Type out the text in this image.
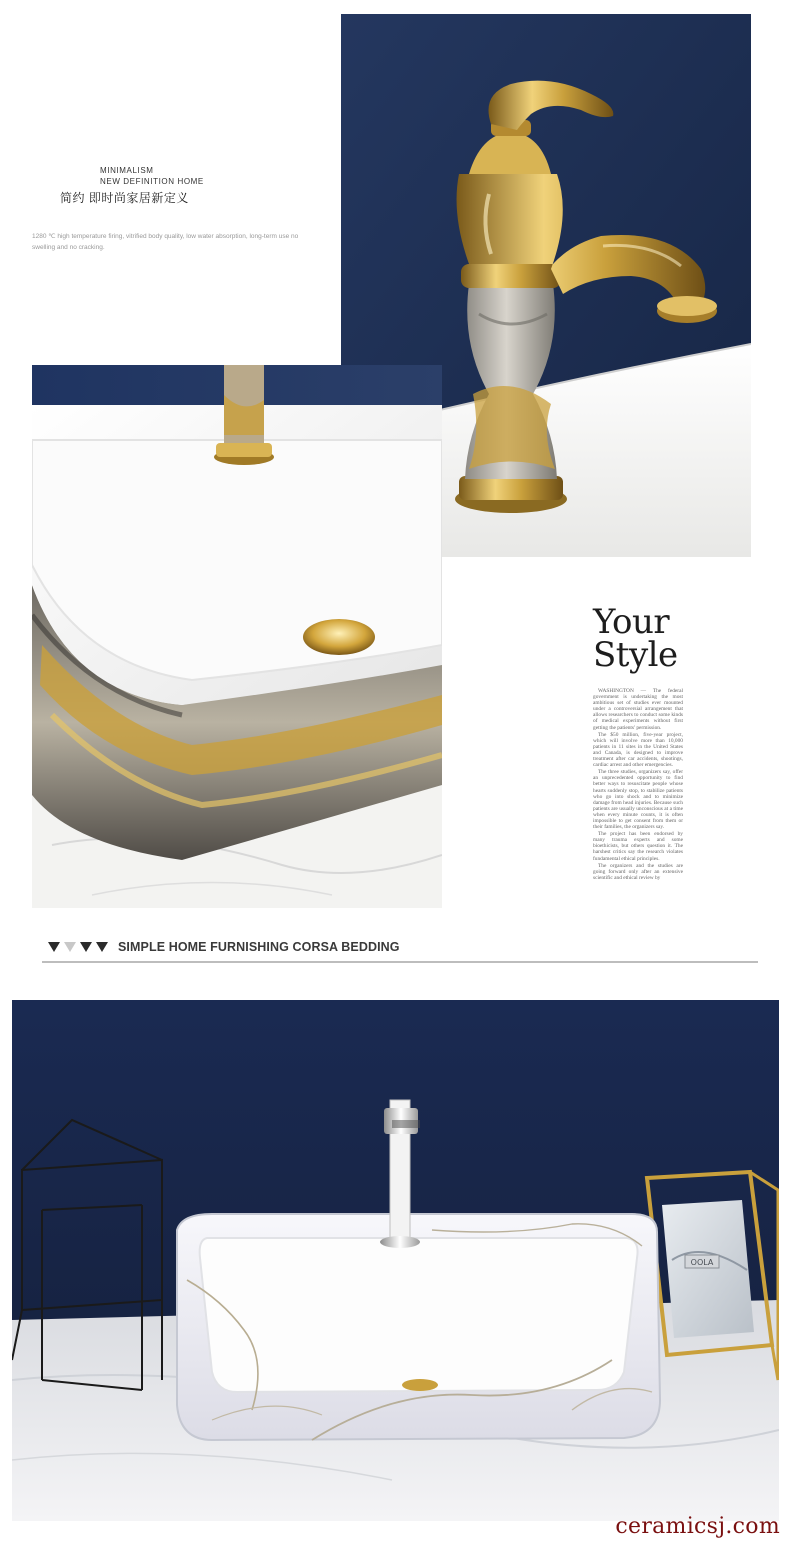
MINIMALISM
NEW DEFINITION HOME
简约 即时尚家居新定义
1280 ℃ high temperature firing, vitrified body quality, low water absorption, long-term use no swelling and no cracking.
Your
Style

WASHINGTON — The federal government is undertaking the most ambitious set of studies ever mounted under a controversial arrangement that allows researchers to conduct some kinds of medical experiments without first getting the patients' permission.

The $50 million, five-year project, which will involve more than 10,000 patients in 11 sites in the United States and Canada, is designed to improve treatment after car accidents, shootings, cardiac arrest and other emergencies.

The three studies, organizers say, offer an unprecedented opportunity to find better ways to resuscitate people whose hearts suddenly stop, to stabilize patients who go into shock and to minimize damage from head injuries. Because such patients are usually unconscious at a time when every minute counts, it is often impossible to get consent from them or their families, the organizers say.

The project has been endorsed by many trauma experts and some bioethicists, but others question it. The harshest critics say the research violates fundamental ethical principles.

The organizers and the studies are going forward only after an extensive scientific and ethical review by

SIMPLE HOME FURNISHING CORSA BEDDING
OOLA
ceramicsj.com
